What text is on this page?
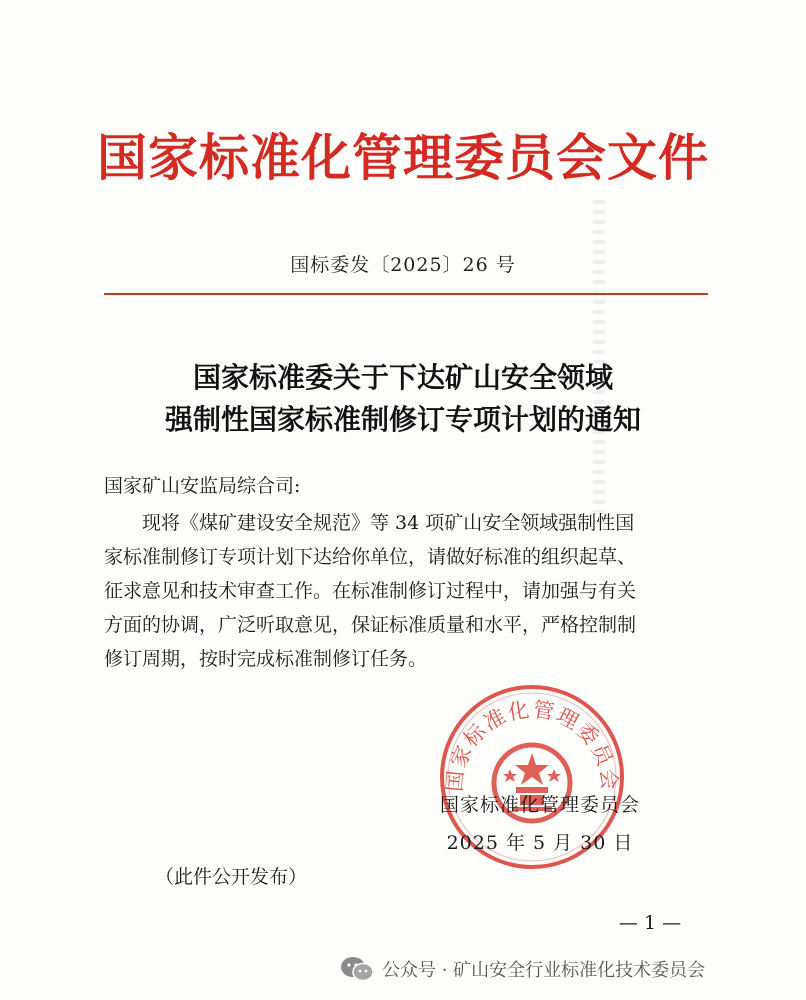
国家标准化管理委员会文件
国标委发〔2025〕26 号
国家标准委关于下达矿山安全领域
强制性国家标准制修订专项计划的通知
国家矿山安监局综合司:
　　现将《煤矿建设安全规范》等 34 项矿山安全领域强制性国
家标准制修订专项计划下达给你单位，请做好标准的组织起草、
征求意见和技术审查工作。在标准制修订过程中，请加强与有关
方面的协调，广泛听取意见，保证标准质量和水平，严格控制制
修订周期，按时完成标准制修订任务。
国家标准化管理委员会
国家标准化管理委员会
2025 年 5 月 30 日
（此件公开发布）
— 1 —
公众号 · 矿山安全行业标准化技术委员会
